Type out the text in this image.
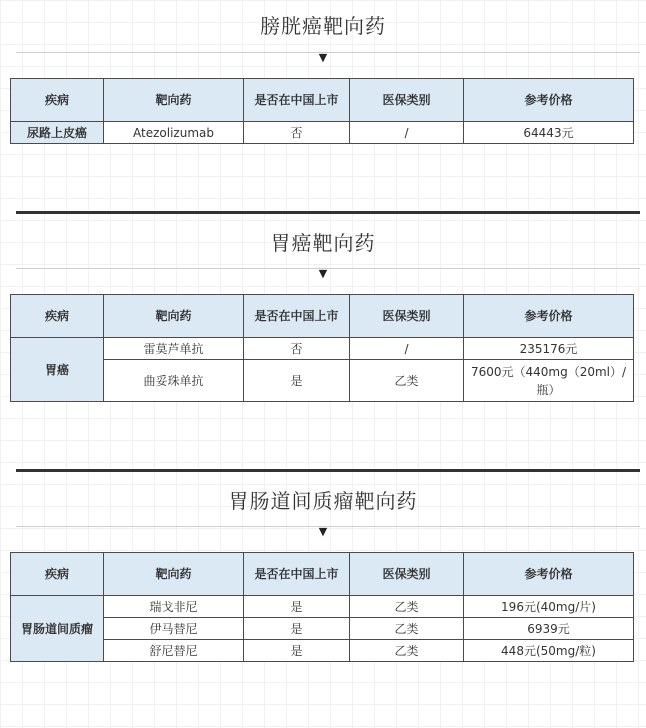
膀胱癌靶向药
▼
疾病	靶向药	是否在中国上市	医保类别	参考价格
尿路上皮癌	Atezolizumab	否	/	64443元
胃癌靶向药
▼
疾病	靶向药	是否在中国上市	医保类别	参考价格
胃癌	雷莫芦单抗	否	/	235176元
	曲妥珠单抗	是	乙类	7600元（440mg（20ml）/瓶）
胃肠道间质瘤靶向药
▼
疾病	靶向药	是否在中国上市	医保类别	参考价格
胃肠道间质瘤	瑞戈非尼	是	乙类	196元(40mg/片)
	伊马替尼	是	乙类	6939元
	舒尼替尼	是	乙类	448元(50mg/粒)
